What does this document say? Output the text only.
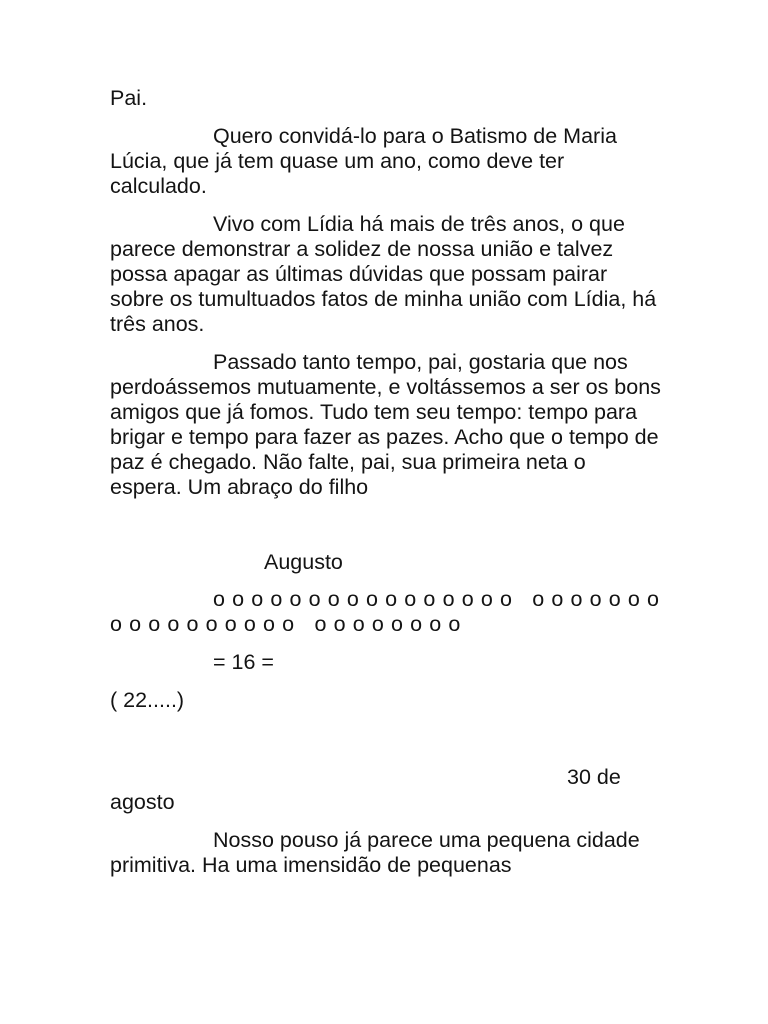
Pai.

Quero convidá-lo para o Batismo de Maria Lúcia, que já tem quase um ano, como deve ter calculado.

Vivo com Lídia há mais de três anos, o que parece demonstrar a solidez de nossa união e talvez possa apagar as últimas dúvidas que possam pairar sobre os tumultuados fatos de minha união com Lídia, há três anos.

Passado tanto tempo, pai, gostaria que nos perdoássemos mutuamente, e voltássemos a ser os bons amigos que já fomos. Tudo tem seu tempo: tempo para brigar e tempo para fazer as pazes. Acho que o tempo de paz é chegado. Não falte, pai, sua primeira neta o espera. Um abraço do filho

Augusto

o o o o o o o o o o o o o o o o   o o o o o o o o o o o o o o o o o   o o o o o o o o

= 16 =

( 22.....)

30 de agosto

Nosso pouso já parece uma pequena cidade primitiva. Ha uma imensidão de pequenas
